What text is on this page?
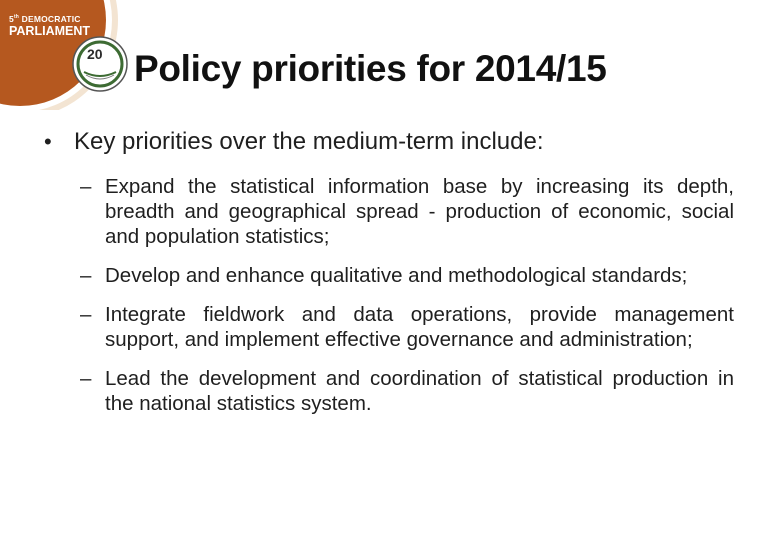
5th DEMOCRATIC
PARLIAMENT
20 Policy priorities for 2014/15
• Key priorities over the medium-term include:
– Expand the statistical information base by increasing its depth, breadth and geographical spread - production of economic, social and population statistics;
– Develop and enhance qualitative and methodological standards;
– Integrate fieldwork and data operations, provide management support, and implement effective governance and administration;
– Lead the development and coordination of statistical production in the national statistics system.
